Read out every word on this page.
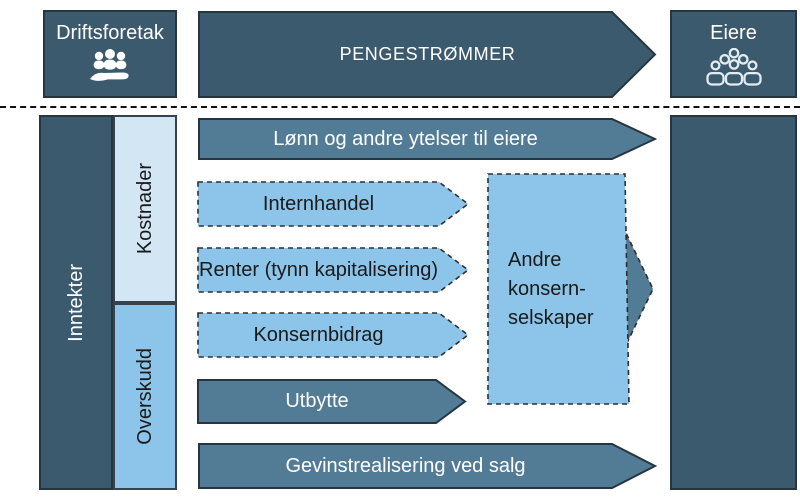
Driftsforetak
PENGESTRØMMER
Eiere
Inntekter
Kostnader
Overskudd
Lønn og andre ytelser til eiere
Internhandel
Renter (tynn kapitalisering)
Konsernbidrag
Utbytte
Gevinstrealisering ved salg
Andre konsern-
selskaper
